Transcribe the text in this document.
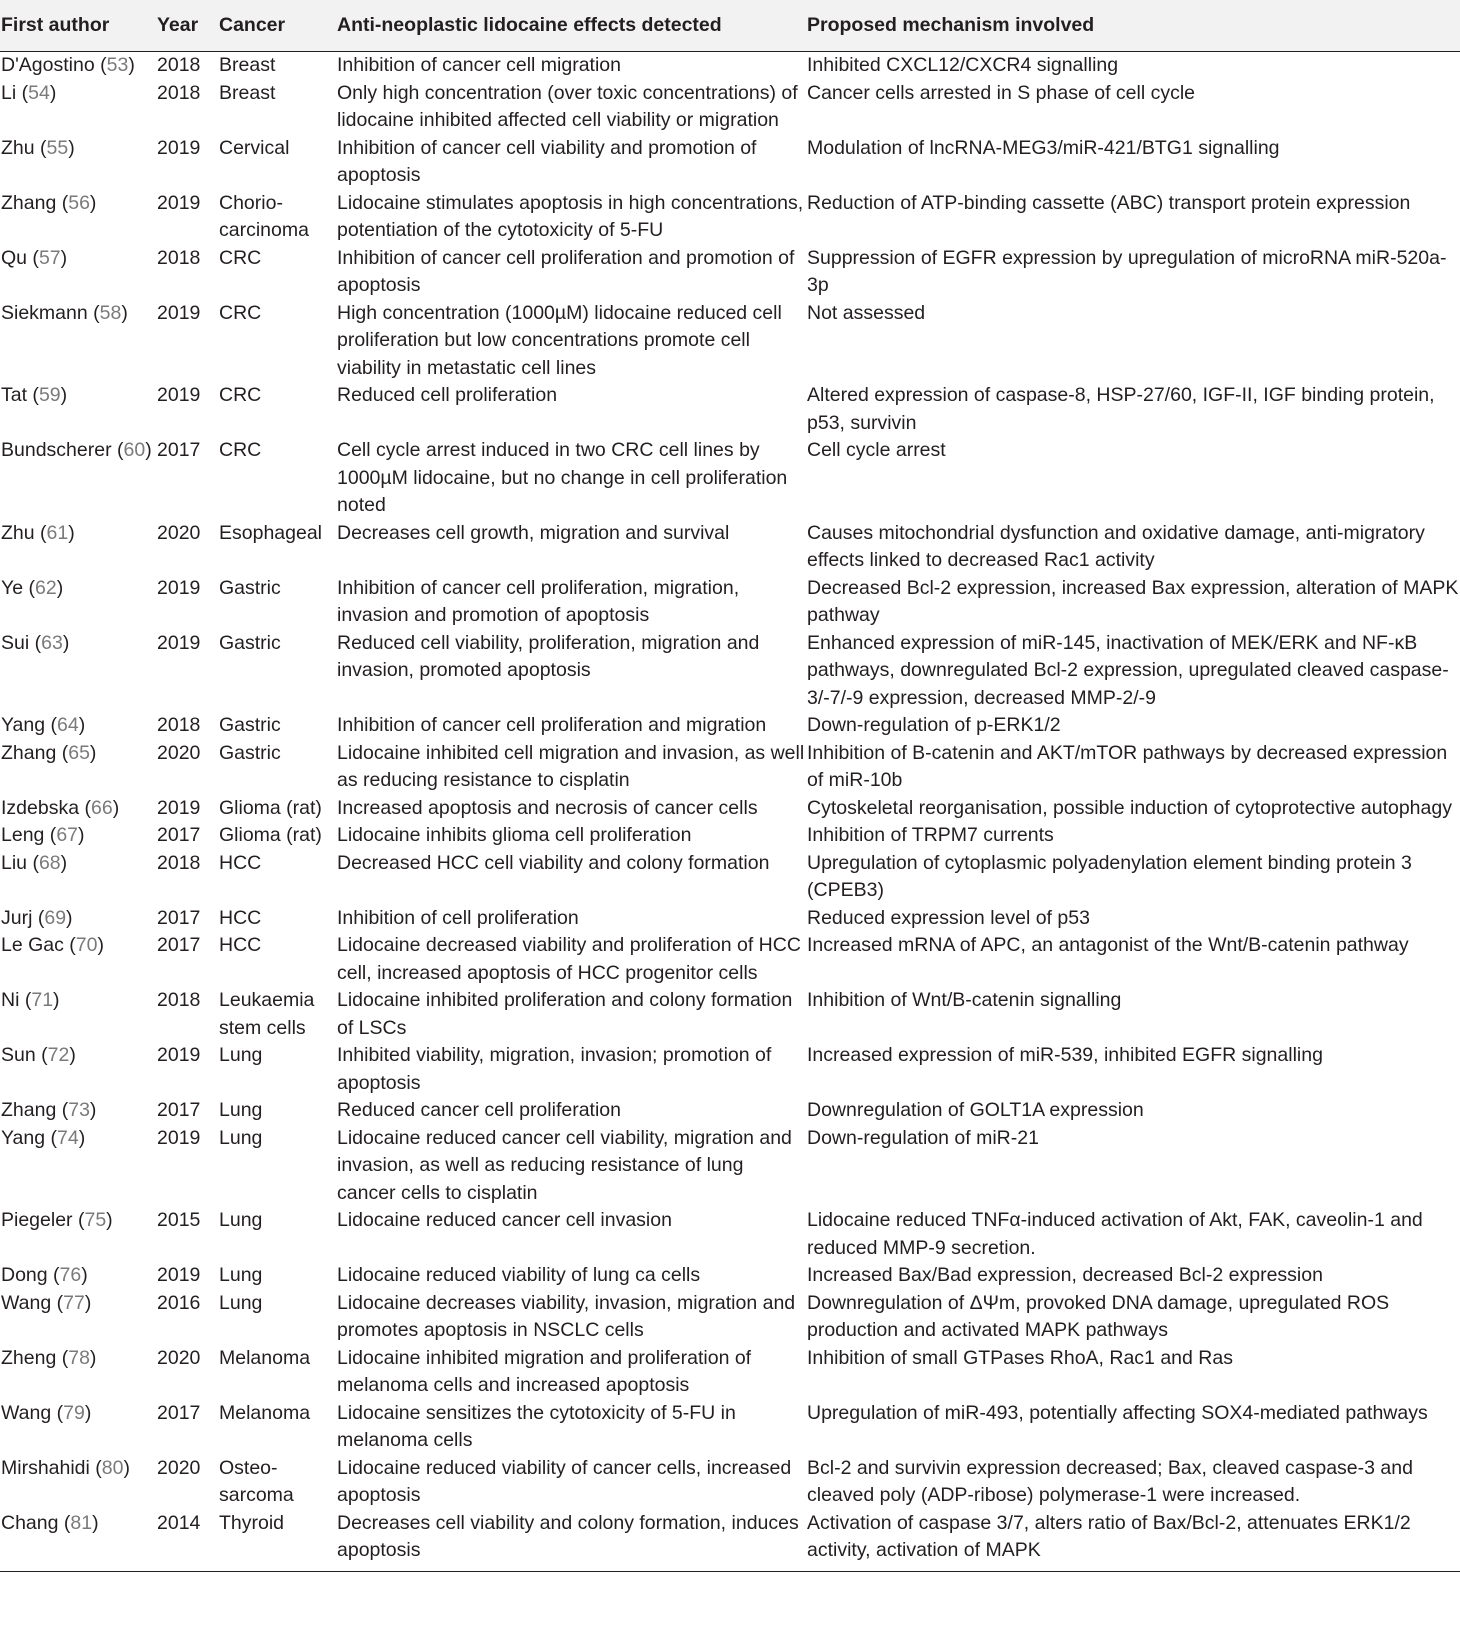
First author	Year	Cancer	Anti-neoplastic lidocaine effects detected	Proposed mechanism involved
D'Agostino (53)	2018	Breast	Inhibition of cancer cell migration	Inhibited CXCL12/CXCR4 signalling
Li (54)	2018	Breast	Only high concentration (over toxic concentrations) of lidocaine inhibited affected cell viability or migration	Cancer cells arrested in S phase of cell cycle
Zhu (55)	2019	Cervical	Inhibition of cancer cell viability and promotion of apoptosis	Modulation of lncRNA-MEG3/miR-421/BTG1 signalling
Zhang (56)	2019	Chorio-carcinoma	Lidocaine stimulates apoptosis in high concentrations, potentiation of the cytotoxicity of 5-FU	Reduction of ATP-binding cassette (ABC) transport protein expression
Qu (57)	2018	CRC	Inhibition of cancer cell proliferation and promotion of apoptosis	Suppression of EGFR expression by upregulation of microRNA miR-520a-3p
Siekmann (58)	2019	CRC	High concentration (1000µM) lidocaine reduced cell proliferation but low concentrations promote cell viability in metastatic cell lines	Not assessed
Tat (59)	2019	CRC	Reduced cell proliferation	Altered expression of caspase-8, HSP-27/60, IGF-II, IGF binding protein, p53, survivin
Bundscherer (60)	2017	CRC	Cell cycle arrest induced in two CRC cell lines by 1000µM lidocaine, but no change in cell proliferation noted	Cell cycle arrest
Zhu (61)	2020	Esophageal	Decreases cell growth, migration and survival	Causes mitochondrial dysfunction and oxidative damage, anti-migratory effects linked to decreased Rac1 activity
Ye (62)	2019	Gastric	Inhibition of cancer cell proliferation, migration, invasion and promotion of apoptosis	Decreased Bcl-2 expression, increased Bax expression, alteration of MAPK pathway
Sui (63)	2019	Gastric	Reduced cell viability, proliferation, migration and invasion, promoted apoptosis	Enhanced expression of miR-145, inactivation of MEK/ERK and NF-κB pathways, downregulated Bcl-2 expression, upregulated cleaved caspase-3/-7/-9 expression, decreased MMP-2/-9
Yang (64)	2018	Gastric	Inhibition of cancer cell proliferation and migration	Down-regulation of p-ERK1/2
Zhang (65)	2020	Gastric	Lidocaine inhibited cell migration and invasion, as well as reducing resistance to cisplatin	Inhibition of B-catenin and AKT/mTOR pathways by decreased expression of miR-10b
Izdebska (66)	2019	Glioma (rat)	Increased apoptosis and necrosis of cancer cells	Cytoskeletal reorganisation, possible induction of cytoprotective autophagy
Leng (67)	2017	Glioma (rat)	Lidocaine inhibits glioma cell proliferation	Inhibition of TRPM7 currents
Liu (68)	2018	HCC	Decreased HCC cell viability and colony formation	Upregulation of cytoplasmic polyadenylation element binding protein 3 (CPEB3)
Jurj (69)	2017	HCC	Inhibition of cell proliferation	Reduced expression level of p53
Le Gac (70)	2017	HCC	Lidocaine decreased viability and proliferation of HCC cell, increased apoptosis of HCC progenitor cells	Increased mRNA of APC, an antagonist of the Wnt/B-catenin pathway
Ni (71)	2018	Leukaemia stem cells	Lidocaine inhibited proliferation and colony formation of LSCs	Inhibition of Wnt/B-catenin signalling
Sun (72)	2019	Lung	Inhibited viability, migration, invasion; promotion of apoptosis	Increased expression of miR-539, inhibited EGFR signalling
Zhang (73)	2017	Lung	Reduced cancer cell proliferation	Downregulation of GOLT1A expression
Yang (74)	2019	Lung	Lidocaine reduced cancer cell viability, migration and invasion, as well as reducing resistance of lung cancer cells to cisplatin	Down-regulation of miR-21
Piegeler (75)	2015	Lung	Lidocaine reduced cancer cell invasion	Lidocaine reduced TNFα-induced activation of Akt, FAK, caveolin-1 and reduced MMP-9 secretion.
Dong (76)	2019	Lung	Lidocaine reduced viability of lung ca cells	Increased Bax/Bad expression, decreased Bcl-2 expression
Wang (77)	2016	Lung	Lidocaine decreases viability, invasion, migration and promotes apoptosis in NSCLC cells	Downregulation of ΔΨm, provoked DNA damage, upregulated ROS production and activated MAPK pathways
Zheng (78)	2020	Melanoma	Lidocaine inhibited migration and proliferation of melanoma cells and increased apoptosis	Inhibition of small GTPases RhoA, Rac1 and Ras
Wang (79)	2017	Melanoma	Lidocaine sensitizes the cytotoxicity of 5-FU in melanoma cells	Upregulation of miR-493, potentially affecting SOX4-mediated pathways
Mirshahidi (80)	2020	Osteo-sarcoma	Lidocaine reduced viability of cancer cells, increased apoptosis	Bcl-2 and survivin expression decreased; Bax, cleaved caspase-3 and cleaved poly (ADP-ribose) polymerase-1 were increased.
Chang (81)	2014	Thyroid	Decreases cell viability and colony formation, induces apoptosis	Activation of caspase 3/7, alters ratio of Bax/Bcl-2, attenuates ERK1/2 activity, activation of MAPK
